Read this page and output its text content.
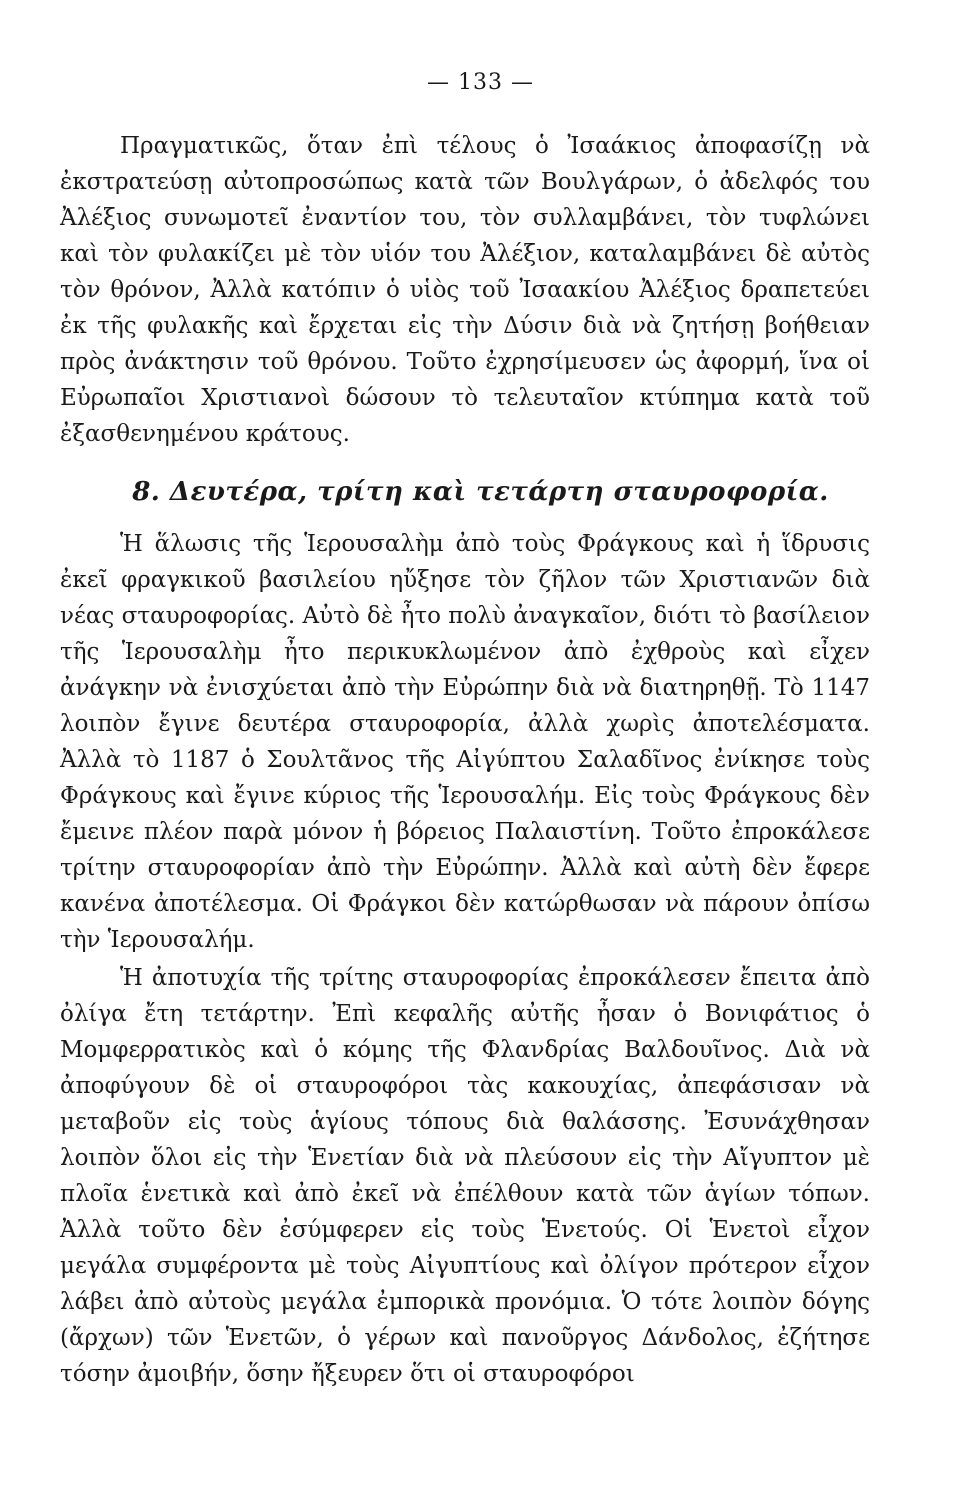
— 133 —
Πραγματικῶς, ὅταν ἐπὶ τέλους ὁ Ἰσαάκιος ἀποφασίζῃ νὰ ἐκστρατεύσῃ αὐτοπροσώπως κατὰ τῶν Βουλγάρων, ὁ ἀδελφός του Ἀλέξιος συνωμοτεῖ ἐναντίον του, τὸν συλλαμβάνει, τὸν τυφλώνει καὶ τὸν φυλακίζει μὲ τὸν υἱόν του Ἀλέξιον, καταλαμβάνει δὲ αὐτὸς τὸν θρόνον, Ἀλλὰ κατόπιν ὁ υἱὸς τοῦ Ἰσαακίου Ἀλέξιος δραπετεύει ἐκ τῆς φυλακῆς καὶ ἔρχεται εἰς τὴν Δύσιν διὰ νὰ ζητήσῃ βοήθειαν πρὸς ἀνάκτησιν τοῦ θρόνου. Τοῦτο ἐχρησίμευσεν ὡς ἀφορμή, ἵνα οἱ Εὐρωπαῖοι Χριστιανοὶ δώσουν τὸ τελευταῖον κτύπημα κατὰ τοῦ ἐξασθενημένου κράτους.
8. Δευτέρα, τρίτη καὶ τετάρτη σταυροφορία.
Ἡ ἅλωσις τῆς Ἱερουσαλὴμ ἀπὸ τοὺς Φράγκους καὶ ἡ ἵδρυσις ἐκεῖ φραγκικοῦ βασιλείου ηὔξησε τὸν ζῆλον τῶν Χριστιανῶν διὰ νέας σταυροφορίας. Αὐτὸ δὲ ἦτο πολὺ ἀναγκαῖον, διότι τὸ βασίλειον τῆς Ἱερουσαλὴμ ἦτο περικυκλωμένον ἀπὸ ἐχθροὺς καὶ εἶχεν ἀνάγκην νὰ ἐνισχύεται ἀπὸ τὴν Εὐρώπην διὰ νὰ διατηρηθῇ. Τὸ 1147 λοιπὸν ἔγινε δευτέρα σταυροφορία, ἀλλὰ χωρὶς ἀποτελέσματα. Ἀλλὰ τὸ 1187 ὁ Σουλτᾶνος τῆς Αἰγύπτου Σαλαδῖνος ἐνίκησε τοὺς Φράγκους καὶ ἔγινε κύριος τῆς Ἱερουσαλήμ. Εἰς τοὺς Φράγκους δὲν ἔμεινε πλέον παρὰ μόνον ἡ βόρειος Παλαιστίνη. Τοῦτο ἐπροκάλεσε τρίτην σταυροφορίαν ἀπὸ τὴν Εὐρώπην. Ἀλλὰ καὶ αὐτὴ δὲν ἔφερε κανένα ἀποτέλεσμα. Οἱ Φράγκοι δὲν κατώρθωσαν νὰ πάρουν ὀπίσω τὴν Ἱερουσαλήμ.
Ἡ ἀποτυχία τῆς τρίτης σταυροφορίας ἐπροκάλεσεν ἔπειτα ἀπὸ ὀλίγα ἔτη τετάρτην. Ἐπὶ κεφαλῆς αὐτῆς ἦσαν ὁ Βονιφάτιος ὁ Μομφερρατικὸς καὶ ὁ κόμης τῆς Φλανδρίας Βαλδουῖνος. Διὰ νὰ ἀποφύγουν δὲ οἱ σταυροφόροι τὰς κακουχίας, ἀπεφάσισαν νὰ μεταβοῦν εἰς τοὺς ἁγίους τόπους διὰ θαλάσσης. Ἐσυνάχθησαν λοιπὸν ὅλοι εἰς τὴν Ἑνετίαν διὰ νὰ πλεύσουν εἰς τὴν Αἴγυπτον μὲ πλοῖα ἑνετικὰ καὶ ἀπὸ ἐκεῖ νὰ ἐπέλθουν κατὰ τῶν ἁγίων τόπων. Ἀλλὰ τοῦτο δὲν ἐσύμφερεν εἰς τοὺς Ἑνετούς. Οἱ Ἑνετοὶ εἶχον μεγάλα συμφέροντα μὲ τοὺς Αἰγυπτίους καὶ ὀλίγον πρότερον εἶχον λάβει ἀπὸ αὐτοὺς μεγάλα ἐμπορικὰ προνόμια. Ὁ τότε λοιπὸν δόγης (ἄρχων) τῶν Ἑνετῶν, ὁ γέρων καὶ πανοῦργος Δάνδολος, ἐζήτησε τόσην ἀμοιβήν, ὅσην ἤξευρεν ὅτι οἱ σταυροφόροι
